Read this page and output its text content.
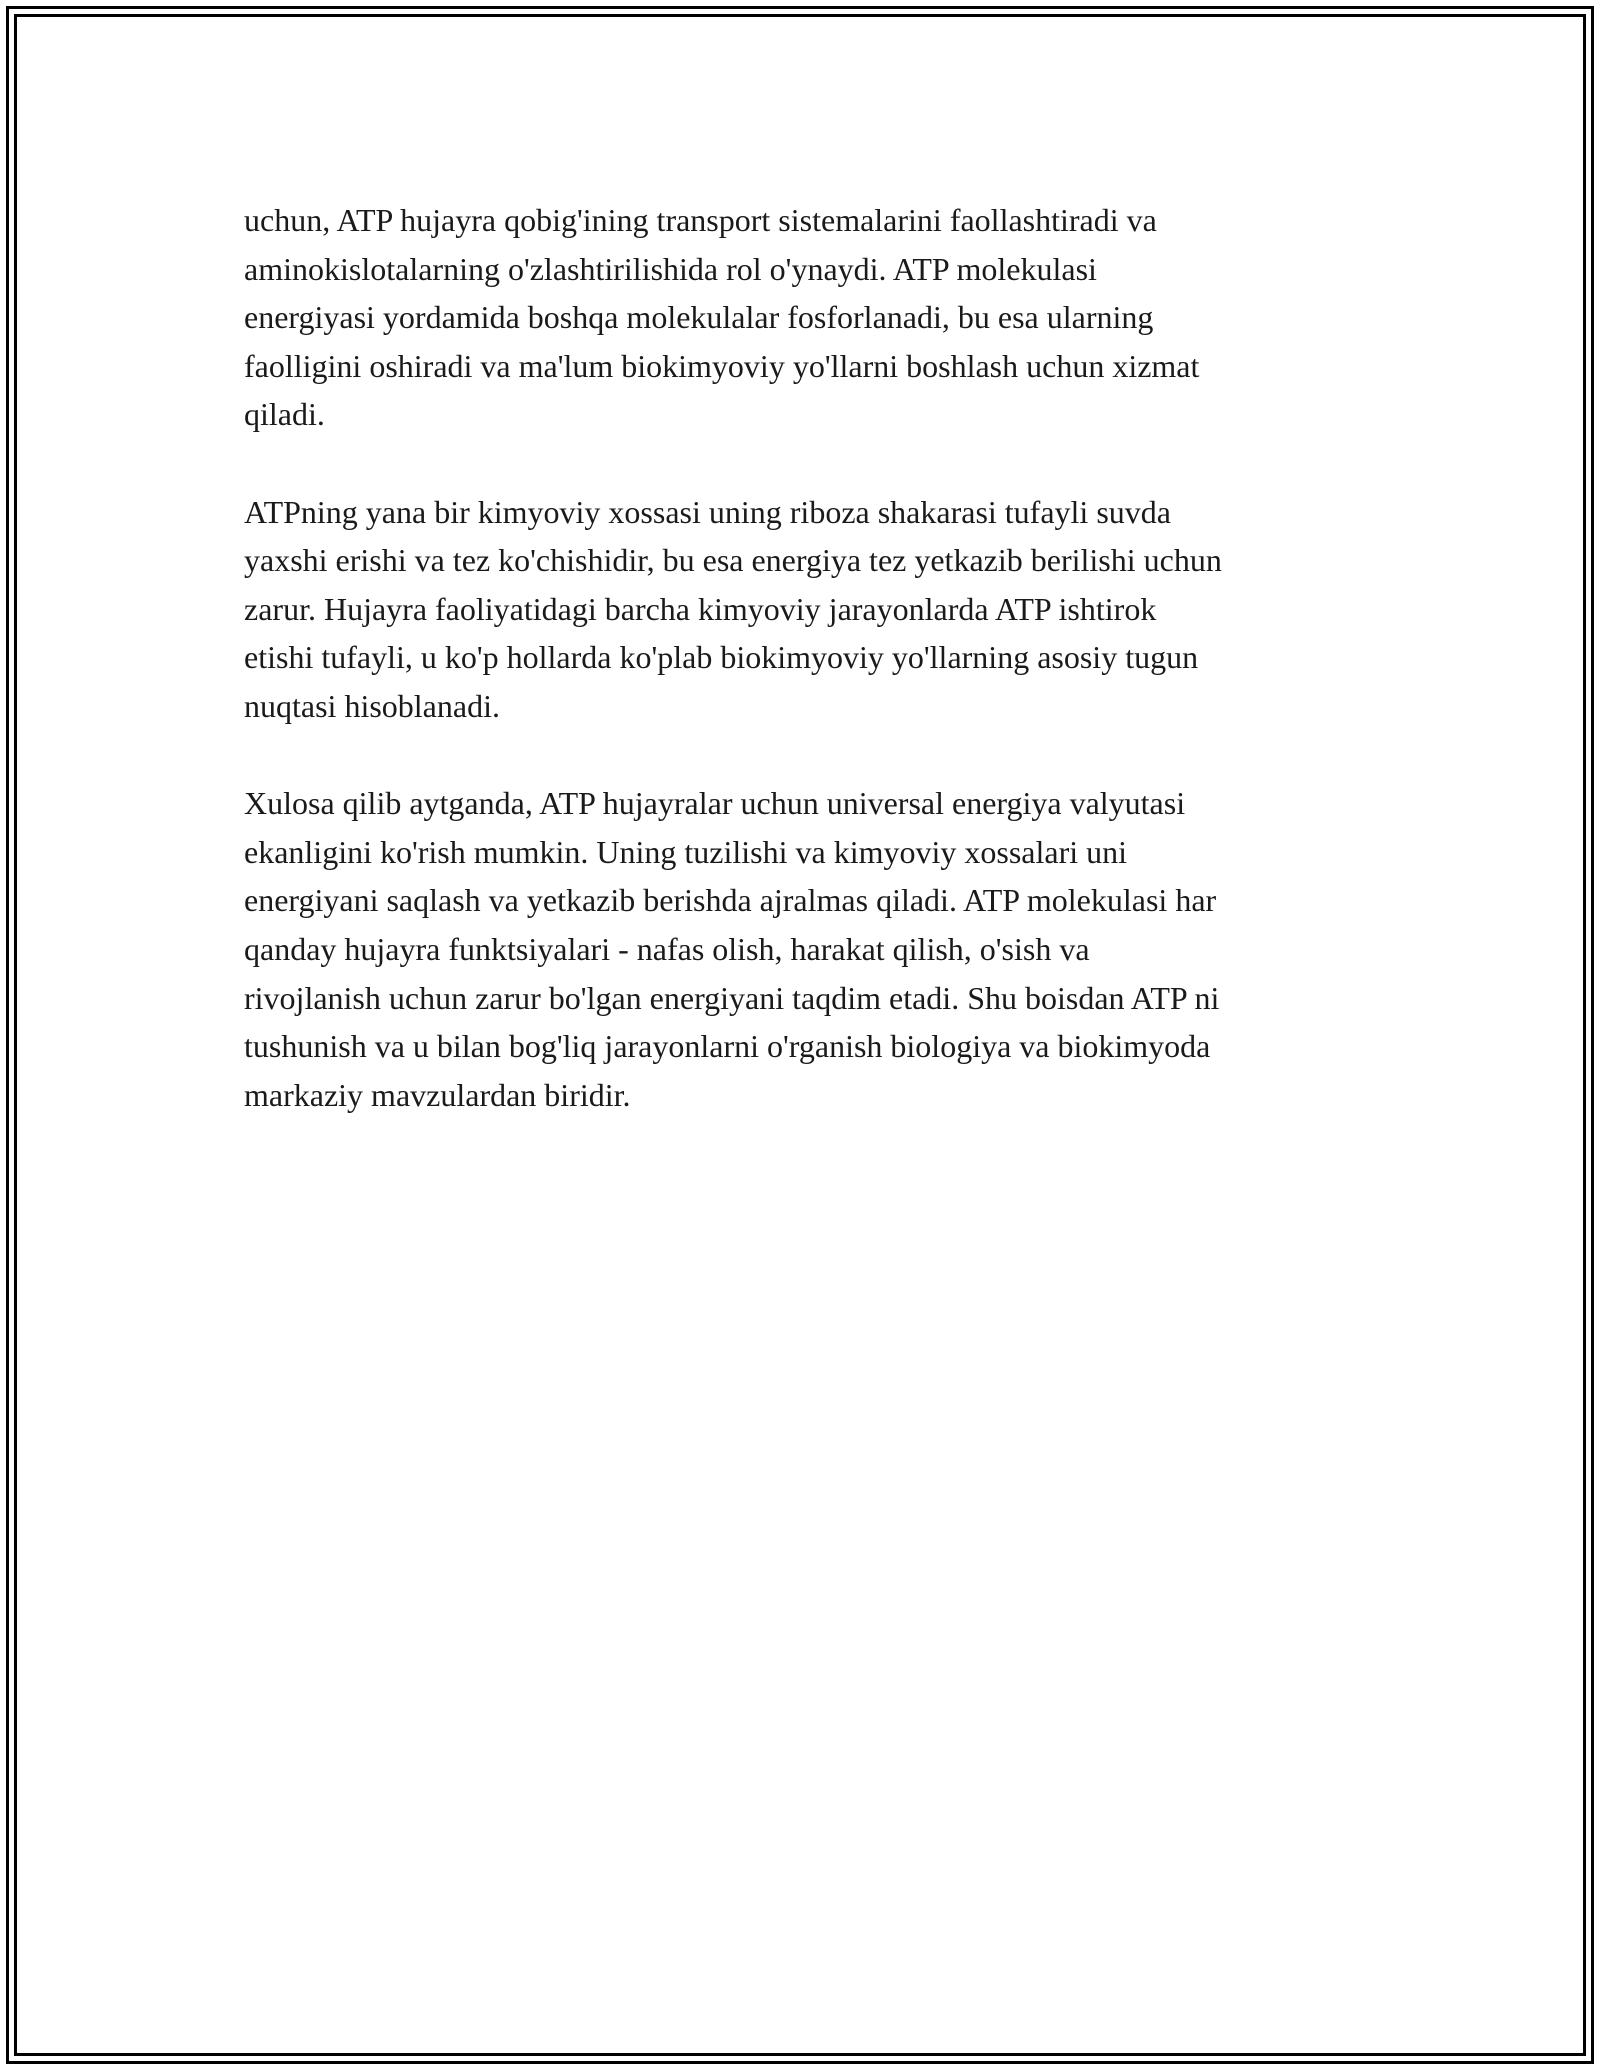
uchun, ATP hujayra qobig'ining transport sistemalarini faollashtiradi va
aminokislotalarning o'zlashtirilishida rol o'ynaydi. ATP molekulasi
energiyasi yordamida boshqa molekulalar fosforlanadi, bu esa ularning
faolligini oshiradi va ma'lum biokimyoviy yo'llarni boshlash uchun xizmat
qiladi.

ATPning yana bir kimyoviy xossasi uning riboza shakarasi tufayli suvda
yaxshi erishi va tez ko'chishidir, bu esa energiya tez yetkazib berilishi uchun
zarur. Hujayra faoliyatidagi barcha kimyoviy jarayonlarda ATP ishtirok
etishi tufayli, u ko'p hollarda ko'plab biokimyoviy yo'llarning asosiy tugun
nuqtasi hisoblanadi.

Xulosa qilib aytganda, ATP hujayralar uchun universal energiya valyutasi
ekanligini ko'rish mumkin. Uning tuzilishi va kimyoviy xossalari uni
energiyani saqlash va yetkazib berishda ajralmas qiladi. ATP molekulasi har
qanday hujayra funktsiyalari - nafas olish, harakat qilish, o'sish va
rivojlanish uchun zarur bo'lgan energiyani taqdim etadi. Shu boisdan ATP ni
tushunish va u bilan bog'liq jarayonlarni o'rganish biologiya va biokimyoda
markaziy mavzulardan biridir.
